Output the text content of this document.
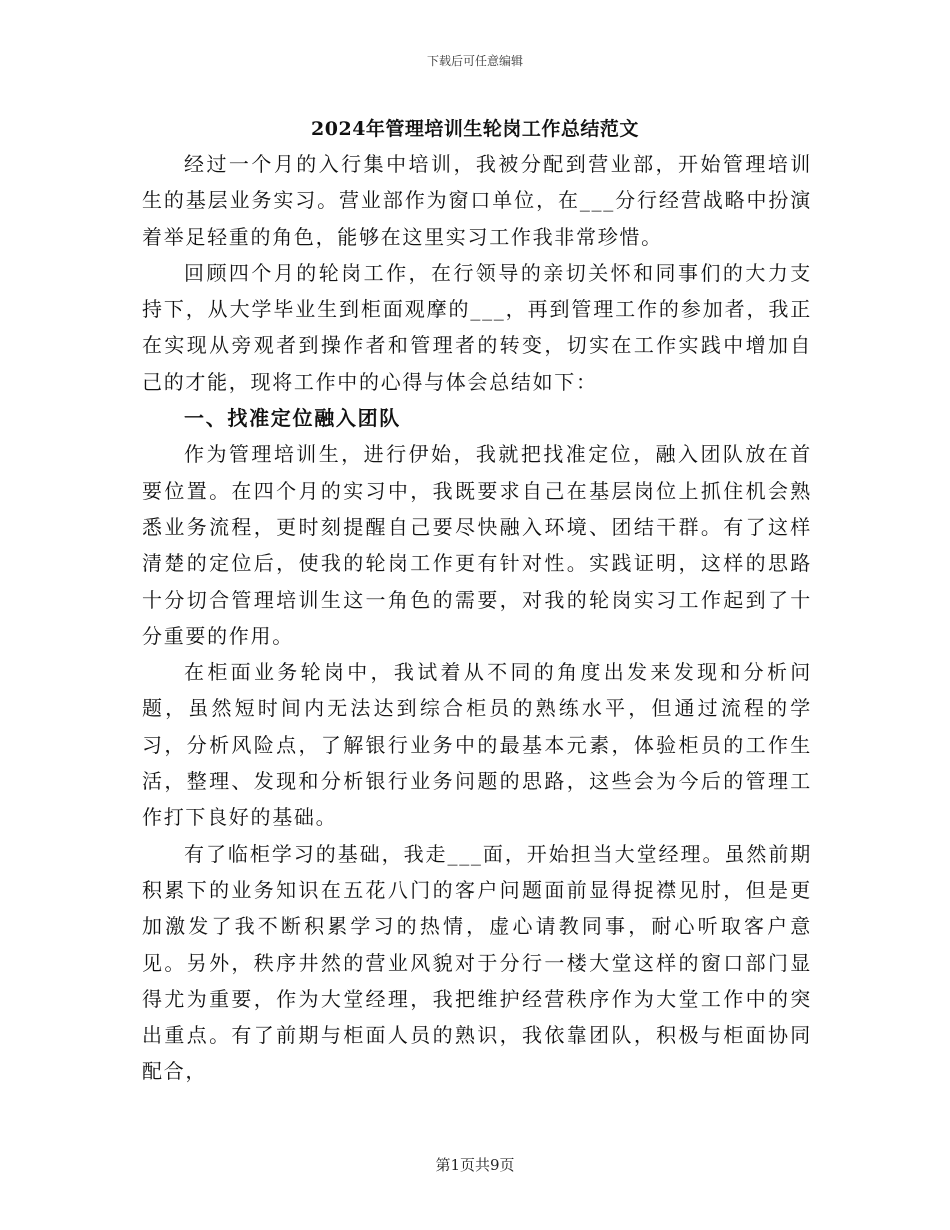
下载后可任意编辑
2024年管理培训生轮岗工作总结范文

经过一个月的入行集中培训，我被分配到营业部，开始管理培训生的基层业务实习。营业部作为窗口单位，在___分行经营战略中扮演着举足轻重的角色，能够在这里实习工作我非常珍惜。

回顾四个月的轮岗工作，在行领导的亲切关怀和同事们的大力支持下，从大学毕业生到柜面观摩的___，再到管理工作的参加者，我正在实现从旁观者到操作者和管理者的转变，切实在工作实践中增加自己的才能，现将工作中的心得与体会总结如下：

一、找准定位融入团队

作为管理培训生，进行伊始，我就把找准定位，融入团队放在首要位置。在四个月的实习中，我既要求自己在基层岗位上抓住机会熟悉业务流程，更时刻提醒自己要尽快融入环境、团结干群。有了这样清楚的定位后，使我的轮岗工作更有针对性。实践证明，这样的思路十分切合管理培训生这一角色的需要，对我的轮岗实习工作起到了十分重要的作用。

在柜面业务轮岗中，我试着从不同的角度出发来发现和分析问题，虽然短时间内无法达到综合柜员的熟练水平，但通过流程的学习，分析风险点，了解银行业务中的最基本元素，体验柜员的工作生活，整理、发现和分析银行业务问题的思路，这些会为今后的管理工作打下良好的基础。

有了临柜学习的基础，我走___面，开始担当大堂经理。虽然前期积累下的业务知识在五花八门的客户问题面前显得捉襟见肘，但是更加激发了我不断积累学习的热情，虚心请教同事，耐心听取客户意见。另外，秩序井然的营业风貌对于分行一楼大堂这样的窗口部门显得尤为重要，作为大堂经理，我把维护经营秩序作为大堂工作中的突出重点。有了前期与柜面人员的熟识，我依靠团队，积极与柜面协同配合，

第1页共9页
